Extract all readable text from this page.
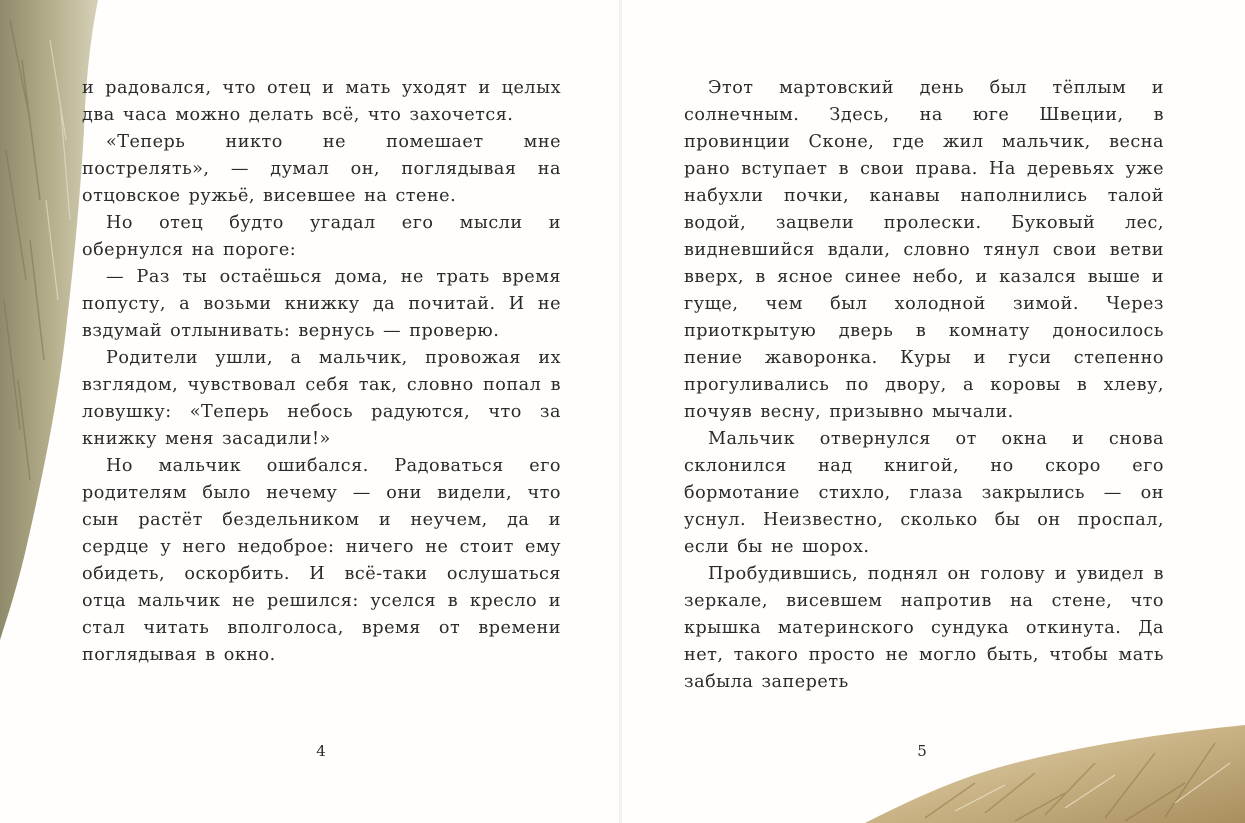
и радовался, что отец и мать уходят и целых два часа можно делать всё, что захочется.

«Теперь никто не помешает мне пострелять», — думал он, поглядывая на отцовское ружьё, висевшее на стене.

Но отец будто угадал его мысли и обернулся на пороге:

— Раз ты остаёшься дома, не трать время попусту, а возьми книжку да почитай. И не вздумай отлынивать: вернусь — проверю.

Родители ушли, а мальчик, провожая их взглядом, чувствовал себя так, словно попал в ловушку: «Теперь небось радуются, что за книжку меня засадили!»

Но мальчик ошибался. Радоваться его родителям было нечему — они видели, что сын растёт бездельником и неучем, да и сердце у него недоброе: ничего не стоит ему обидеть, оскорбить. И всё-таки ослушаться отца мальчик не решился: уселся в кресло и стал читать вполголоса, время от времени поглядывая в окно.

4

Этот мартовский день был тёплым и солнечным. Здесь, на юге Швеции, в провинции Сконе, где жил мальчик, весна рано вступает в свои права. На деревьях уже набухли почки, канавы наполнились талой водой, зацвели пролески. Буковый лес, видневшийся вдали, словно тянул свои ветви вверх, в ясное синее небо, и казался выше и гуще, чем был холодной зимой. Через приоткрытую дверь в комнату доносилось пение жаворонка. Куры и гуси степенно прогуливались по двору, а коровы в хлеву, почуяв весну, призывно мычали.

Мальчик отвернулся от окна и снова склонился над книгой, но скоро его бормотание стихло, глаза закрылись — он уснул. Неизвестно, сколько бы он проспал, если бы не шорох.

Пробудившись, поднял он голову и увидел в зеркале, висевшем напротив на стене, что крышка материнского сундука откинута. Да нет, такого просто не могло быть, чтобы мать забыла запереть

5
